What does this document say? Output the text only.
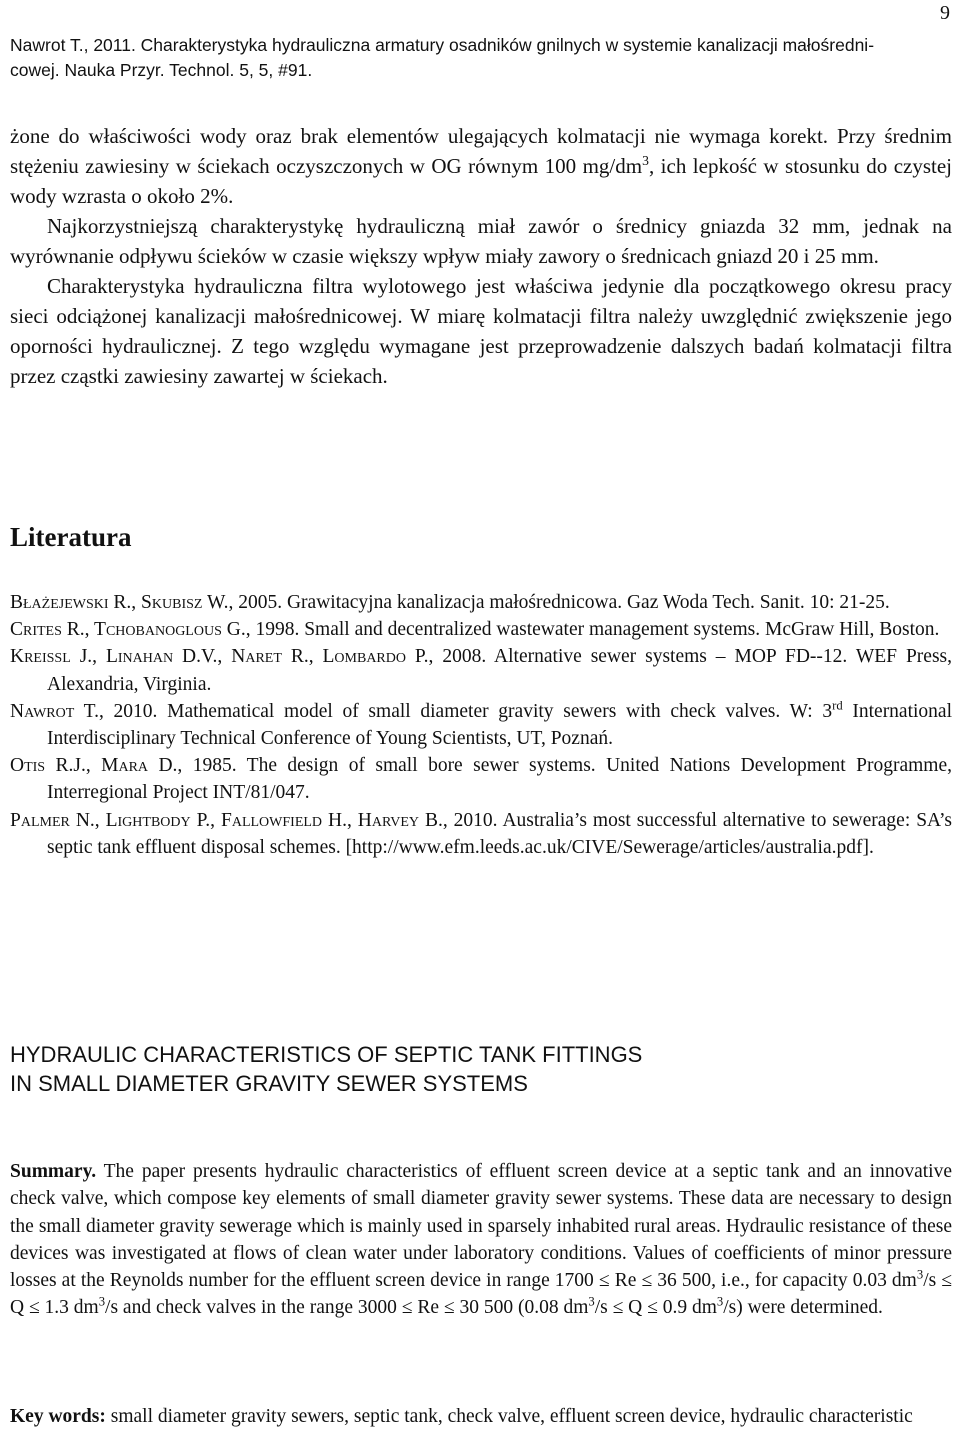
9
Nawrot T., 2011. Charakterystyka hydrauliczna armatury osadników gnilnych w systemie kanalizacji małośredni-
cowej. Nauka Przyr. Technol. 5, 5, #91.

żone do właściwości wody oraz brak elementów ulegających kolmatacji nie wymaga korekt. Przy średnim stężeniu zawiesiny w ściekach oczyszczonych w OG równym 100 $mg/dm^3$, ich lepkość w stosunku do czystej wody wzrasta o około 2%.

Najkorzystniejszą charakterystykę hydrauliczną miał zawór o średnicy gniazda 32 mm, jednak na wyrównanie odpływu ścieków w czasie większy wpływ miały zawory o średnicach gniazd 20 i 25 mm.

Charakterystyka hydrauliczna filtra wylotowego jest właściwa jedynie dla początkowego okresu pracy sieci odciążonej kanalizacji małośrednicowej. W miarę kolmatacji filtra należy uwzględnić zwiększenie jego oporności hydraulicznej. Z tego względu wymagane jest przeprowadzenie dalszych badań kolmatacji filtra przez cząstki zawiesiny zawartej w ściekach.

Literatura
Błażejewski R., Skubisz W., 2005. Grawitacyjna kanalizacja małośrednicowa. Gaz Woda Tech. Sanit. 10: 21-25.
Crites R., Tchobanoglous G., 1998. Small and decentralized wastewater management systems. McGraw Hill, Boston.
Kreissl J., Linahan D.V., Naret R., Lombardo P., 2008. Alternative sewer systems – MOP FD--12. WEF Press, Alexandria, Virginia.
Nawrot T., 2010. Mathematical model of small diameter gravity sewers with check valves. W: 3rd International Interdisciplinary Technical Conference of Young Scientists, UT, Poznań.
Otis R.J., Mara D., 1985. The design of small bore sewer systems. United Nations Development Programme, Interregional Project INT/81/047.
Palmer N., Lightbody P., Fallowfield H., Harvey B., 2010. Australia’s most successful alternative to sewerage: SA’s septic tank effluent disposal schemes. [http://www.efm.leeds.ac.uk/CIVE/Sewerage/articles/australia.pdf].
HYDRAULIC CHARACTERISTICS OF SEPTIC TANK FITTINGS
IN SMALL DIAMETER GRAVITY SEWER SYSTEMS
Summary. The paper presents hydraulic characteristics of effluent screen device at a septic tank and an innovative check valve, which compose key elements of small diameter gravity sewer systems. These data are necessary to design the small diameter gravity sewerage which is mainly used in sparsely inhabited rural areas. Hydraulic resistance of these devices was investigated at flows of clean water under laboratory conditions. Values of coefficients of minor pressure losses at the Reynolds number for the effluent screen device in range 1700 ≤ Re ≤ 36 500, i.e., for capacity 0.03 $dm^3/s \le Q \le 1.3$ $dm^3/s$ and check valves in the range 3000 ≤ Re ≤ 30 500 (0.08 $dm^3/s \le Q \le 0.9$ $dm^3/s$) were determined.
Key words: small diameter gravity sewers, septic tank, check valve, effluent screen device, hydraulic characteristic
